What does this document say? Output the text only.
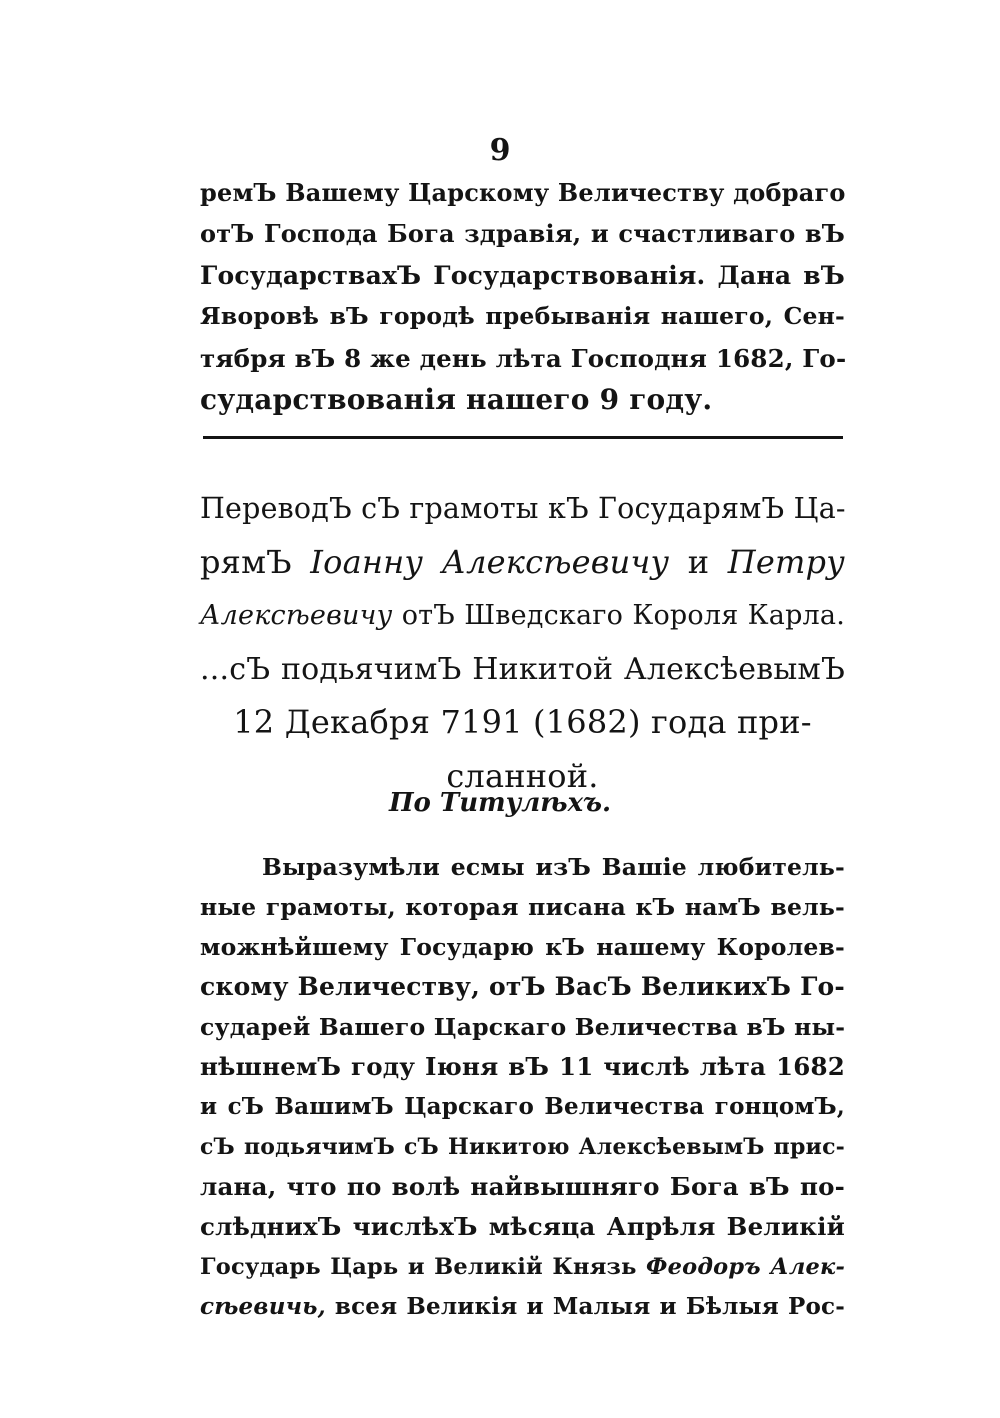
9
ремЪ Вашему Царскому Величеству добраго
отЪ Господа Бога здравія, и счастливаго вЪ
ГосударствахЪ Государствованія. Дана вЪ
Яворовѣ вЪ городѣ пребыванія нашего, Сен-
тября вЪ 8 же день лѣта Господня 1682, Го-
сударствованія нашего 9 году.
ПереводЪ сЪ грамоты кЪ ГосударямЪ Ца-
рямЪ Іоанну Алексѣевичу и Петру
Алексѣевичу отЪ Шведскаго Короля Карла.
...сЪ подьячимЪ Никитой АлексѣевымЪ
12 Декабря 7191 (1682) года при-
сланной.
По Титулѣхъ.
Выразумѣли есмы изЪ Вашіе любитель-
ные грамоты, которая писана кЪ намЪ вель-
можнѣйшему Государю кЪ нашему Королев-
скому Величеству, отЪ ВасЪ ВеликихЪ Го-
сударей Вашего Царскаго Величества вЪ ны-
нѣшнемЪ году Іюня вЪ 11 числѣ лѣта 1682
и сЪ ВашимЪ Царскаго Величества гонцомЪ,
сЪ подьячимЪ сЪ Никитою АлексѣевымЪ прис-
лана, что по волѣ найвышняго Бога вЪ по-
слѣднихЪ числѣхЪ мѣсяца Апрѣля Великій
Государь Царь и Великій Князь Феодоръ Алек-
сѣевичь, всея Великія и Малыя и Бѣлыя Рос-
